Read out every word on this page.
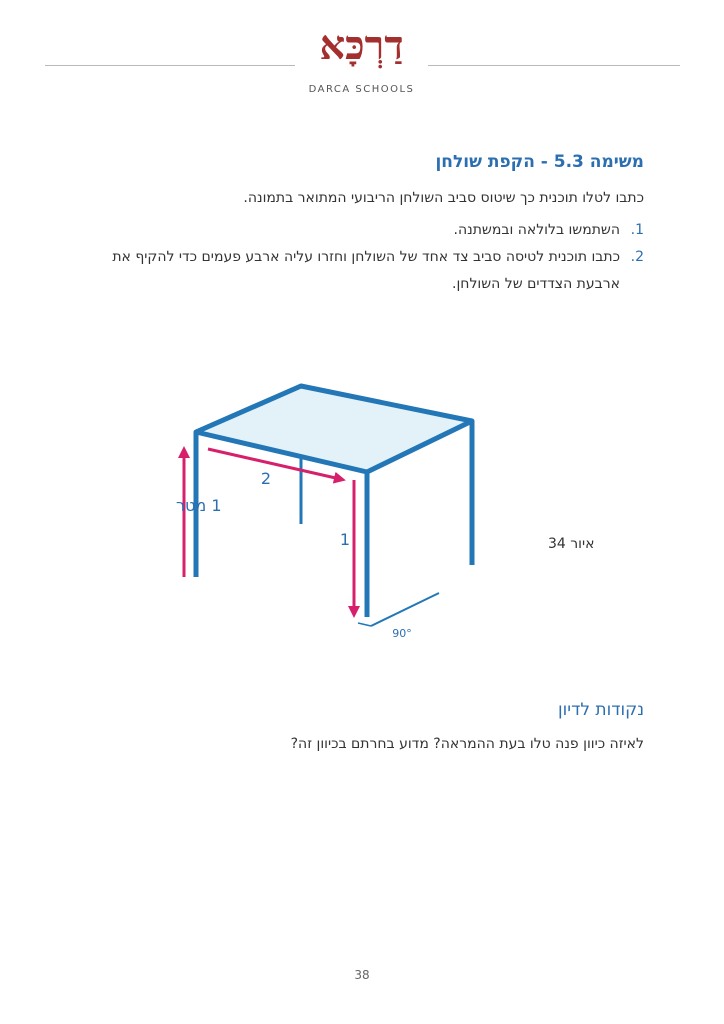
דַרְכָּא
DARCA SCHOOLS
משימה 5.3 - הקפת שולחן
כתבו לטלו תוכנית כך שיטוס סביב השולחן הריבועי המתואר בתמונה.
1.
השתמשו בלולאה ובמשתנה.
2.
כתבו תוכנית לטיסה סביב צד אחד של השולחן וחזרו עליה ארבע פעמים כדי להקיף את ארבעת הצדדים של השולחן.
1 מטר
2
1
90°
איור 34
נקודות לדיון
לאיזה כיוון פנה טלו בעת ההמראה? מדוע בחרתם בכיוון זה?
38
